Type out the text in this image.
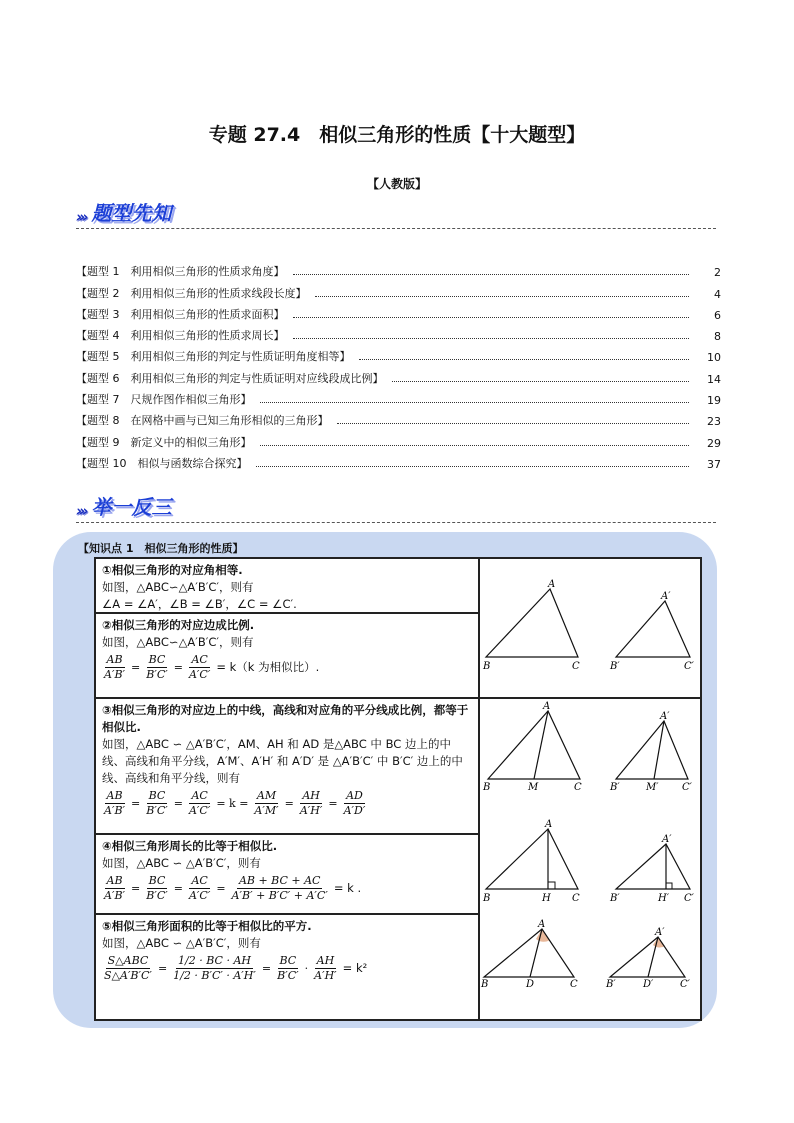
专题 27.4　相似三角形的性质【十大题型】
【人教版】
››› 题型先知
【题型 1　利用相似三角形的性质求角度】	2
【题型 2　利用相似三角形的性质求线段长度】	4
【题型 3　利用相似三角形的性质求面积】	6
【题型 4　利用相似三角形的性质求周长】	8
【题型 5　利用相似三角形的判定与性质证明角度相等】	10
【题型 6　利用相似三角形的判定与性质证明对应线段成比例】	14
【题型 7　尺规作图作相似三角形】	19
【题型 8　在网格中画与已知三角形相似的三角形】	23
【题型 9　新定义中的相似三角形】	29
【题型 10　相似与函数综合探究】	37
››› 举一反三
【知识点 1　相似三角形的性质】
①相似三角形的对应角相等.
如图，△ABC∽△A′B′C′，则有
∠A = ∠A′，∠B = ∠B′，∠C = ∠C′.
②相似三角形的对应边成比例.
如图，△ABC∽△A′B′C′，则有
$\frac{AB}{A'B'} = \frac{BC}{B'C'} = \frac{AC}{A'C'} = k(k$ 为相似比）.
A
B	C
A′
B′	C′
③相似三角形的对应边上的中线，高线和对应角的平分线成比例，都等于相似比.
如图，△ABC ∽ △A′B′C′，AM、AH 和 AD 是△ABC 中 BC 边上的中线、高线和角平分线，A′M′、A′H′ 和 A′D′ 是 △A′B′C′ 中 B′C′ 边上的中线、高线和角平分线，则有
$\frac{AB}{A'B'} = \frac{BC}{B'C'} = \frac{AC}{A'C'} = k = \frac{AM}{A'M'} = \frac{AH}{A'H'} = \frac{AD}{A'D'}$
④相似三角形周长的比等于相似比.
如图，△ABC ∽ △A′B′C′，则有
$\frac{AB}{A'B'} = \frac{BC}{B'C'} = \frac{AC}{A'C'} = \frac{AB + BC + AC}{A'B' + B'C' + A'C'} = k$ .
⑤相似三角形面积的比等于相似比的平方.
如图，△ABC ∽ △A′B′C′，则有
$\frac{\text{S△ABC}}{S\triangle A'B'C'} = \frac{1/2 \cdot BC \cdot AH}{1/2 \cdot B'C' \cdot A'H'} = \frac{BC}{B'C'} \cdot \frac{AH}{A'H'} = k^2$
A
B	M	C
A′
B′	M′ C′
A
B	H C
A′
B′	H′ C′
A
B	D	C
A′
B′	D′	C′
